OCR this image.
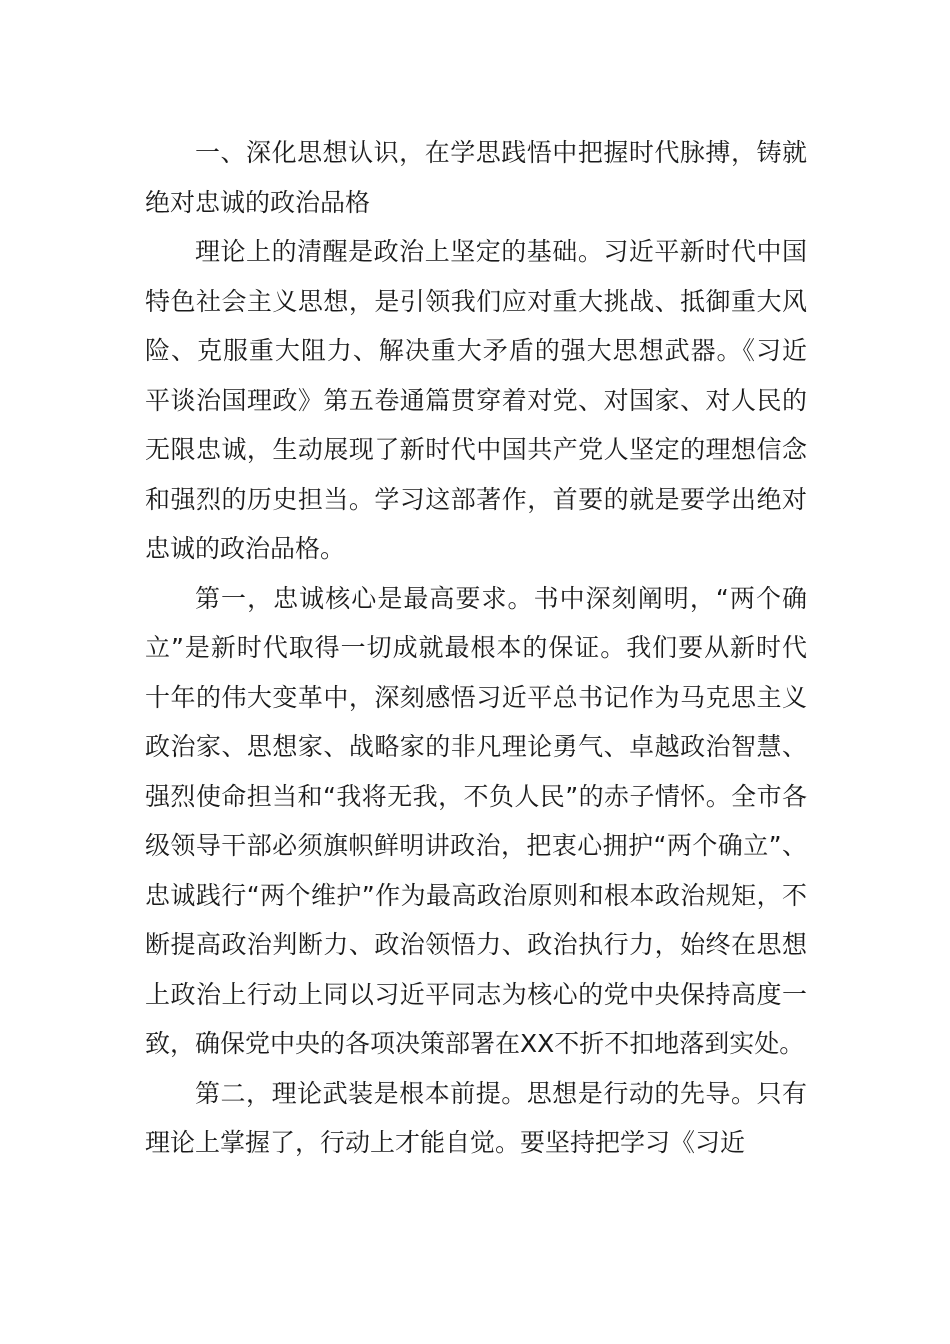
一、深化思想认识，在学思践悟中把握时代脉搏，铸就绝对忠诚的政治品格

理论上的清醒是政治上坚定的基础。习近平新时代中国特色社会主义思想，是引领我们应对重大挑战、抵御重大风险、克服重大阻力、解决重大矛盾的强大思想武器。《习近平谈治国理政》第五卷通篇贯穿着对党、对国家、对人民的无限忠诚，生动展现了新时代中国共产党人坚定的理想信念和强烈的历史担当。学习这部著作，首要的就是要学出绝对忠诚的政治品格。

第一，忠诚核心是最高要求。书中深刻阐明，“两个确立”是新时代取得一切成就最根本的保证。我们要从新时代十年的伟大变革中，深刻感悟习近平总书记作为马克思主义政治家、思想家、战略家的非凡理论勇气、卓越政治智慧、强烈使命担当和“我将无我，不负人民”的赤子情怀。全市各级领导干部必须旗帜鲜明讲政治，把衷心拥护“两个确立”、忠诚践行“两个维护”作为最高政治原则和根本政治规矩，不断提高政治判断力、政治领悟力、政治执行力，始终在思想上政治上行动上同以习近平同志为核心的党中央保持高度一致，确保党中央的各项决策部署在XX不折不扣地落到实处。

第二，理论武装是根本前提。思想是行动的先导。只有理论上掌握了，行动上才能自觉。要坚持把学习《习近
